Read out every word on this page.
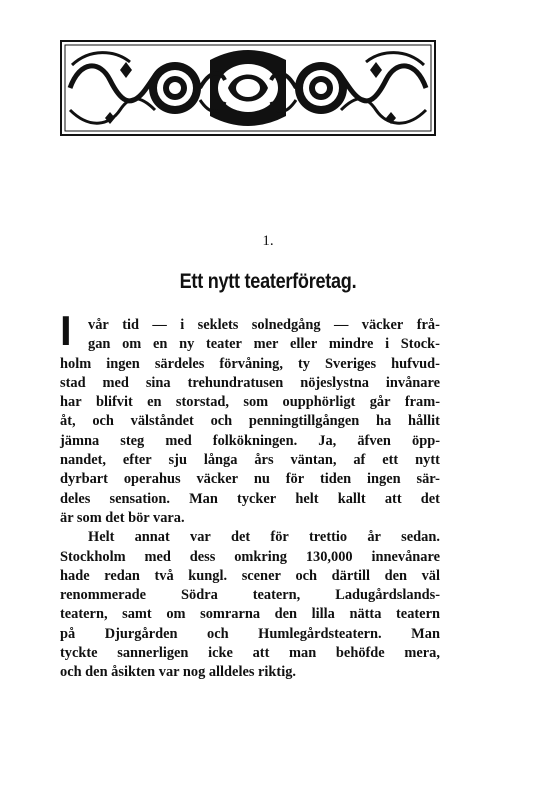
1.
Ett nytt teaterföretag.
I vår tid — i seklets solnedgång — väcker frå-
gan om en ny teater mer eller mindre i Stock-
holm ingen särdeles förvåning, ty Sveriges hufvud-
stad med sina trehundratusen nöjeslystna invånare
har blifvit en storstad, som oupphörligt går fram-
åt, och välståndet och penningtillgången ha hållit
jämna steg med folkökningen. Ja, äfven öpp-
nandet, efter sju långa års väntan, af ett nytt
dyrbart operahus väcker nu för tiden ingen sär-
deles sensation. Man tycker helt kallt att det
är som det bör vara.
Helt annat var det för trettio år sedan.
Stockholm med dess omkring 130,000 innevånare
hade redan två kungl. scener och därtill den väl
renommerade Södra teatern, Ladugårdslands-
teatern, samt om somrarna den lilla nätta teatern
på Djurgården och Humlegårdsteatern. Man
tyckte sannerligen icke att man behöfde mera,
och den åsikten var nog alldeles riktig.
